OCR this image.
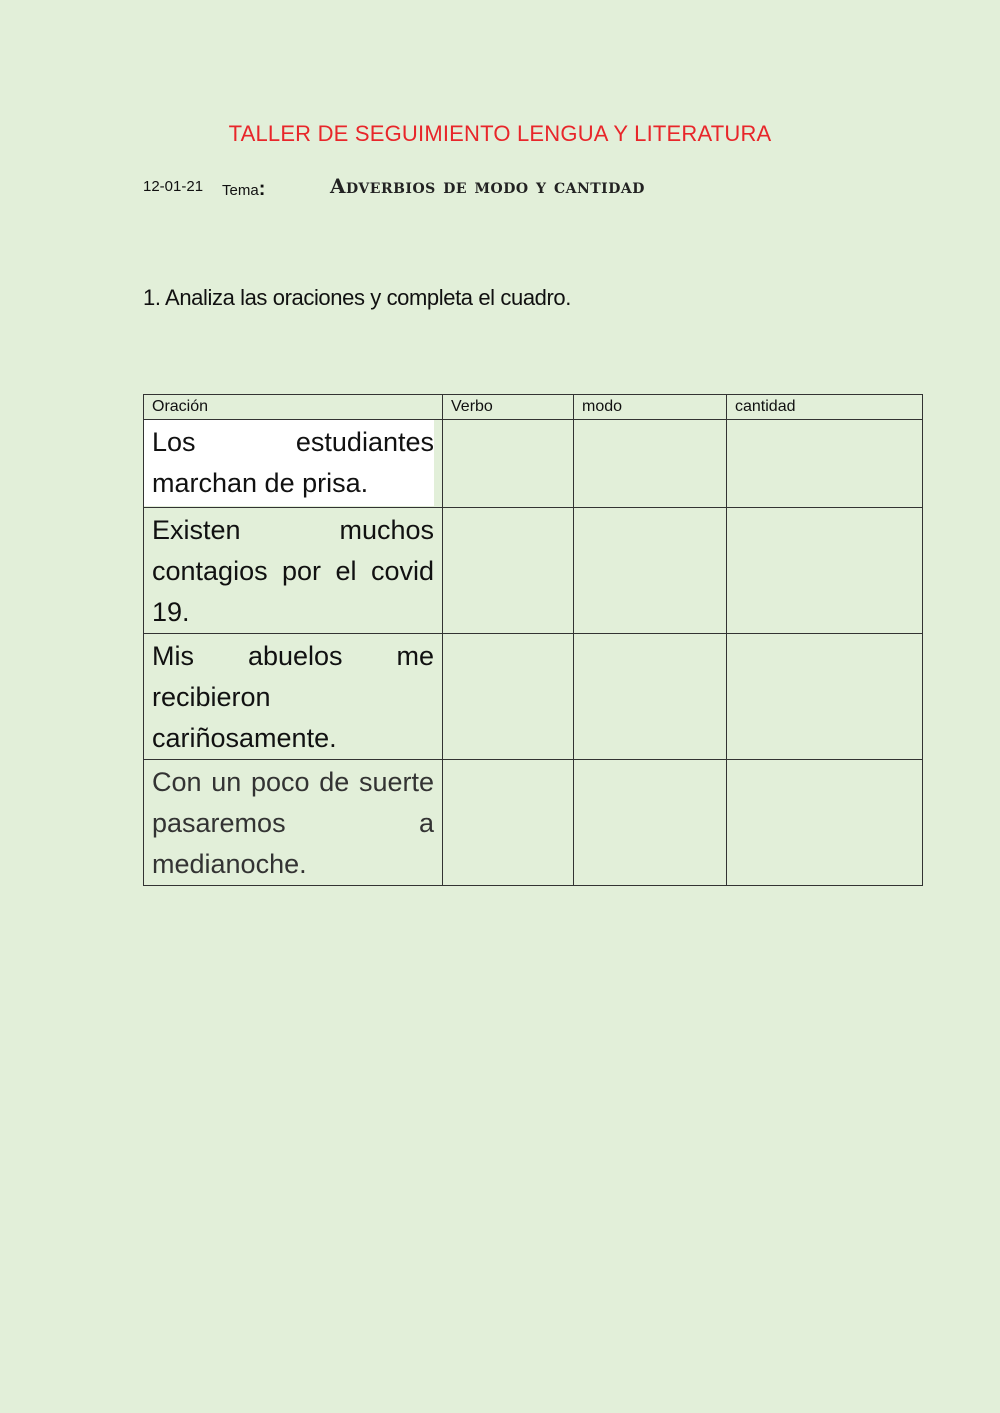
TALLER DE SEGUIMIENTO LENGUA Y LITERATURA
12-01-21 Tema:	Adverbios de modo y cantidad
1. Analiza las oraciones y completa el cuadro.
Oración	Verbo	modo	cantidad

Los estudiantes marchan de prisa.			

Existen muchos contagios por el covid 19.			

Mis abuelos me recibieron cariñosamente.			

Con un poco de suerte pasaremos a medianoche.			
